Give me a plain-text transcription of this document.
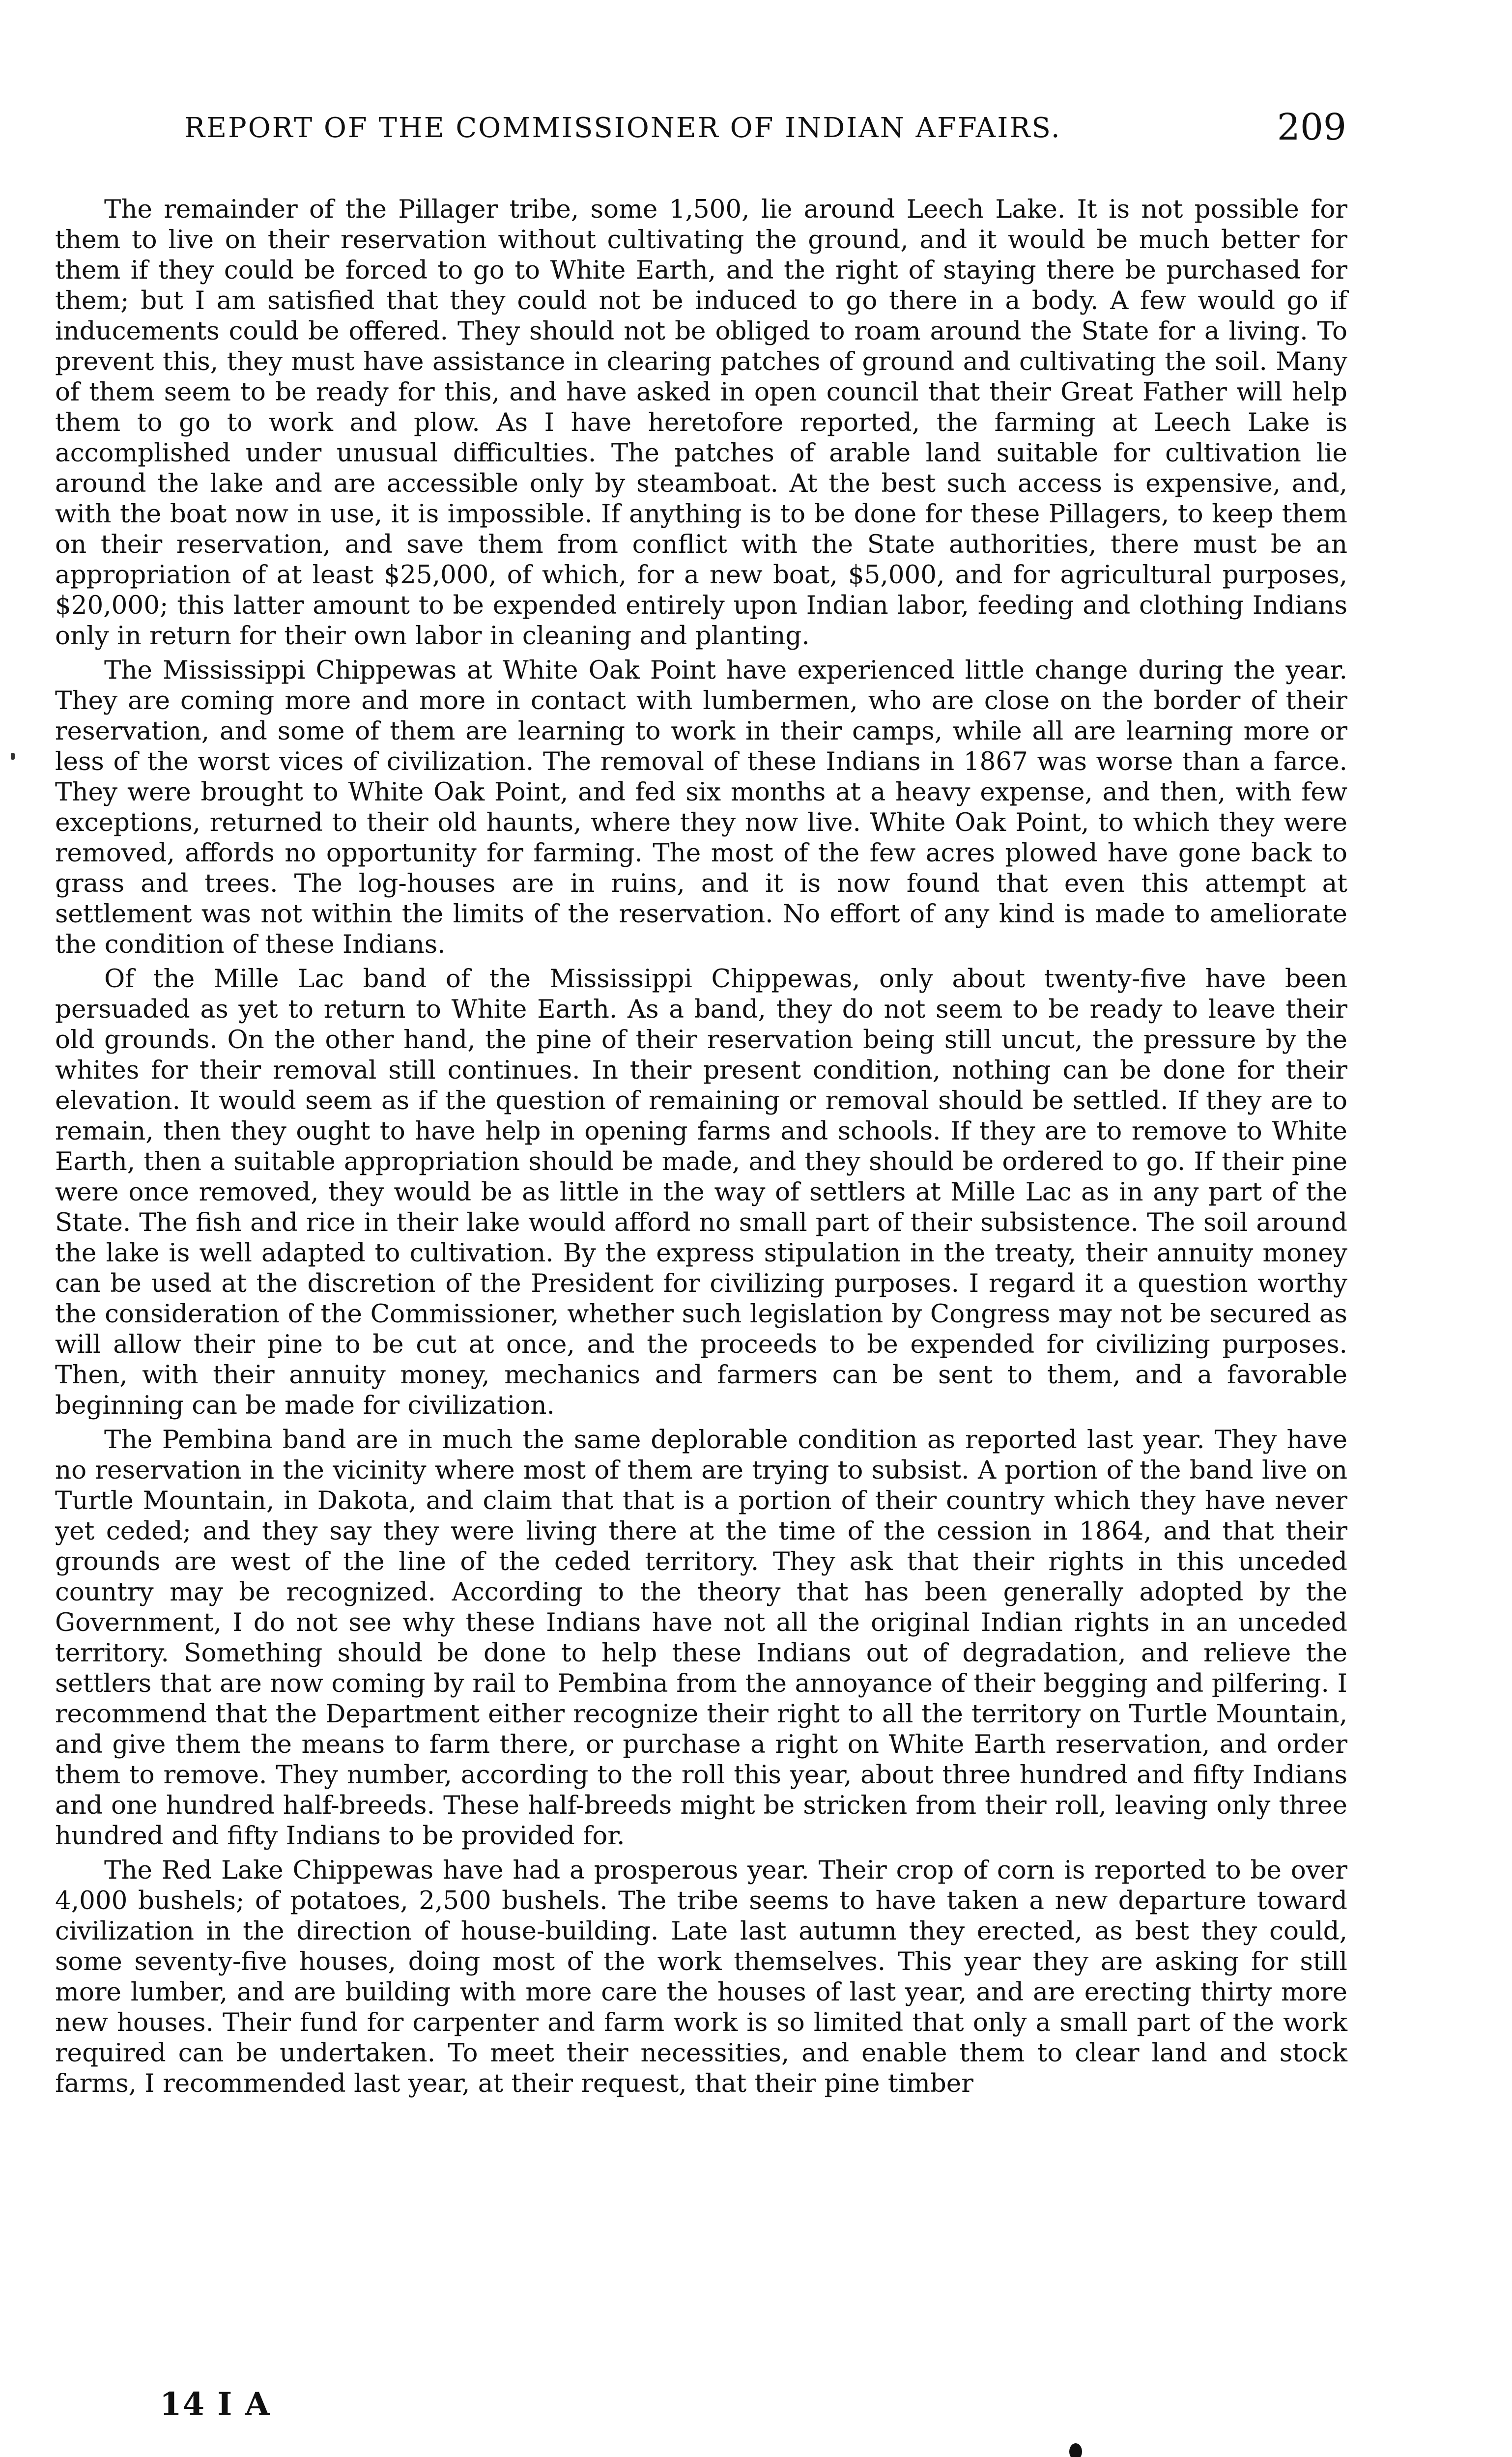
REPORT OF THE COMMISSIONER OF INDIAN AFFAIRS.	209

The remainder of the Pillager tribe, some 1,500, lie around Leech Lake. It is not possible for them to live on their reservation without cultivating the ground, and it would be much better for them if they could be forced to go to White Earth, and the right of staying there be purchased for them; but I am satisfied that they could not be induced to go there in a body. A few would go if inducements could be offered. They should not be obliged to roam around the State for a living. To prevent this, they must have assistance in clearing patches of ground and cultivating the soil. Many of them seem to be ready for this, and have asked in open council that their Great Father will help them to go to work and plow. As I have heretofore reported, the farming at Leech Lake is accomplished under unusual difficulties. The patches of arable land suitable for cultivation lie around the lake and are accessible only by steamboat. At the best such access is expensive, and, with the boat now in use, it is impossible. If anything is to be done for these Pillagers, to keep them on their reservation, and save them from conflict with the State authorities, there must be an appropriation of at least $25,000, of which, for a new boat, $5,000, and for agricultural purposes, $20,000; this latter amount to be expended entirely upon Indian labor, feeding and clothing Indians only in return for their own labor in cleaning and planting.

The Mississippi Chippewas at White Oak Point have experienced little change during the year. They are coming more and more in contact with lumbermen, who are close on the border of their reservation, and some of them are learning to work in their camps, while all are learning more or less of the worst vices of civilization. The removal of these Indians in 1867 was worse than a farce. They were brought to White Oak Point, and fed six months at a heavy expense, and then, with few exceptions, returned to their old haunts, where they now live. White Oak Point, to which they were removed, affords no opportunity for farming. The most of the few acres plowed have gone back to grass and trees. The log-houses are in ruins, and it is now found that even this attempt at settlement was not within the limits of the reservation. No effort of any kind is made to ameliorate the condition of these Indians.

Of the Mille Lac band of the Mississippi Chippewas, only about twenty-five have been persuaded as yet to return to White Earth. As a band, they do not seem to be ready to leave their old grounds. On the other hand, the pine of their reservation being still uncut, the pressure by the whites for their removal still continues. In their present condition, nothing can be done for their elevation. It would seem as if the question of remaining or removal should be settled. If they are to remain, then they ought to have help in opening farms and schools. If they are to remove to White Earth, then a suitable appropriation should be made, and they should be ordered to go. If their pine were once removed, they would be as little in the way of settlers at Mille Lac as in any part of the State. The fish and rice in their lake would afford no small part of their subsistence. The soil around the lake is well adapted to cultivation. By the express stipulation in the treaty, their annuity money can be used at the discretion of the President for civilizing purposes. I regard it a question worthy the consideration of the Commissioner, whether such legislation by Congress may not be secured as will allow their pine to be cut at once, and the proceeds to be expended for civilizing purposes. Then, with their annuity money, mechanics and farmers can be sent to them, and a favorable beginning can be made for civilization.

The Pembina band are in much the same deplorable condition as reported last year. They have no reservation in the vicinity where most of them are trying to subsist. A portion of the band live on Turtle Mountain, in Dakota, and claim that that is a portion of their country which they have never yet ceded; and they say they were living there at the time of the cession in 1864, and that their grounds are west of the line of the ceded territory. They ask that their rights in this unceded country may be recognized. According to the theory that has been generally adopted by the Government, I do not see why these Indians have not all the original Indian rights in an unceded territory. Something should be done to help these Indians out of degradation, and relieve the settlers that are now coming by rail to Pembina from the annoyance of their begging and pilfering. I recommend that the Department either recognize their right to all the territory on Turtle Mountain, and give them the means to farm there, or purchase a right on White Earth reservation, and order them to remove. They number, according to the roll this year, about three hundred and fifty Indians and one hundred half-breeds. These half-breeds might be stricken from their roll, leaving only three hundred and fifty Indians to be provided for.

The Red Lake Chippewas have had a prosperous year. Their crop of corn is reported to be over 4,000 bushels; of potatoes, 2,500 bushels. The tribe seems to have taken a new departure toward civilization in the direction of house-building. Late last autumn they erected, as best they could, some seventy-five houses, doing most of the work themselves. This year they are asking for still more lumber, and are building with more care the houses of last year, and are erecting thirty more new houses. Their fund for carpenter and farm work is so limited that only a small part of the work required can be undertaken. To meet their necessities, and enable them to clear land and stock farms, I recommended last year, at their request, that their pine timber

14 I A
